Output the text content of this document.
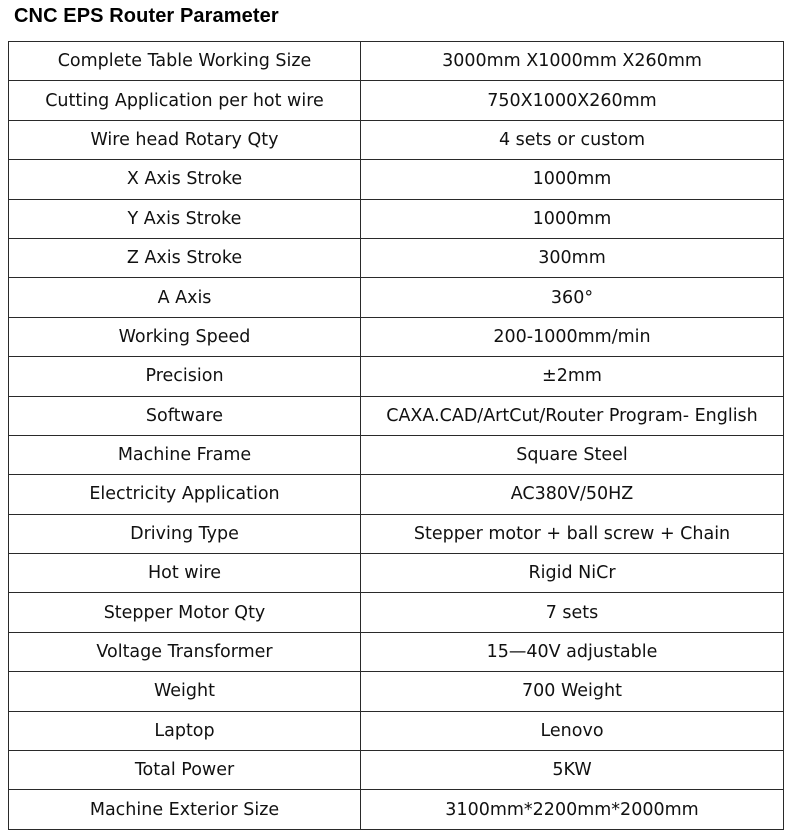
CNC EPS Router Parameter
Complete Table Working Size	3000mm X1000mm X260mm
Cutting Application per hot wire	750X1000X260mm
Wire head Rotary Qty	4 sets or custom
X Axis Stroke	1000mm
Y Axis Stroke	1000mm
Z Axis Stroke	300mm
A Axis	360°
Working Speed	200-1000mm/min
Precision	±2mm
Software	CAXA.CAD/ArtCut/Router Program- English
Machine Frame	Square Steel
Electricity Application	AC380V/50HZ
Driving Type	Stepper motor + ball screw + Chain
Hot wire	Rigid NiCr
Stepper Motor Qty	7 sets
Voltage Transformer	15—40V adjustable
Weight	700 Weight
Laptop	Lenovo
Total Power	5KW
Machine Exterior Size	3100mm*2200mm*2000mm
